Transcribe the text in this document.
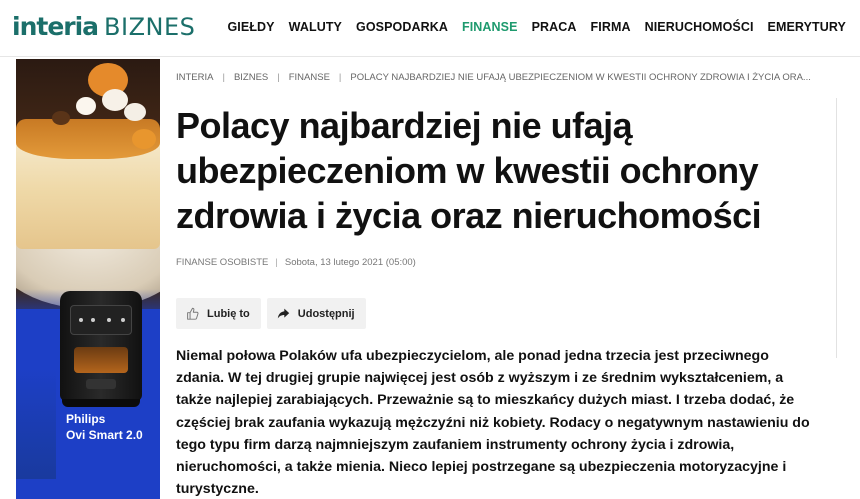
interia BIZNES	GIEŁDY WALUTY GOSPODARKA FINANSE PRACA FIRMA NIERUCHOMOŚCI EMERYTURY
Philips
Ovi Smart 2.0
INTERIA | BIZNES | FINANSE | POLACY NAJBARDZIEJ NIE UFAJĄ UBEZPIECZENIOM W KWESTII OCHRONY ZDROWIA I ŻYCIA ORA...
Polacy najbardziej nie ufają ubezpieczeniom w kwestii ochrony zdrowia i życia oraz nieruchomości
FINANSE OSOBISTE | Sobota, 13 lutego 2021 (05:00)
Lubię to	Udostępnij

Niemal połowa Polaków ufa ubezpieczycielom, ale ponad jedna trzecia jest przeciwnego zdania. W tej drugiej grupie najwięcej jest osób z wyższym i ze średnim wykształceniem, a także najlepiej zarabiających. Przeważnie są to mieszkańcy dużych miast. I trzeba dodać, że częściej brak zaufania wykazują mężczyźni niż kobiety. Rodacy o negatywnym nastawieniu do tego typu firm darzą najmniejszym zaufaniem instrumenty ochrony życia i zdrowia, nieruchomości, a także mienia. Nieco lepiej postrzegane są ubezpieczenia motoryzacyjne i turystyczne.
